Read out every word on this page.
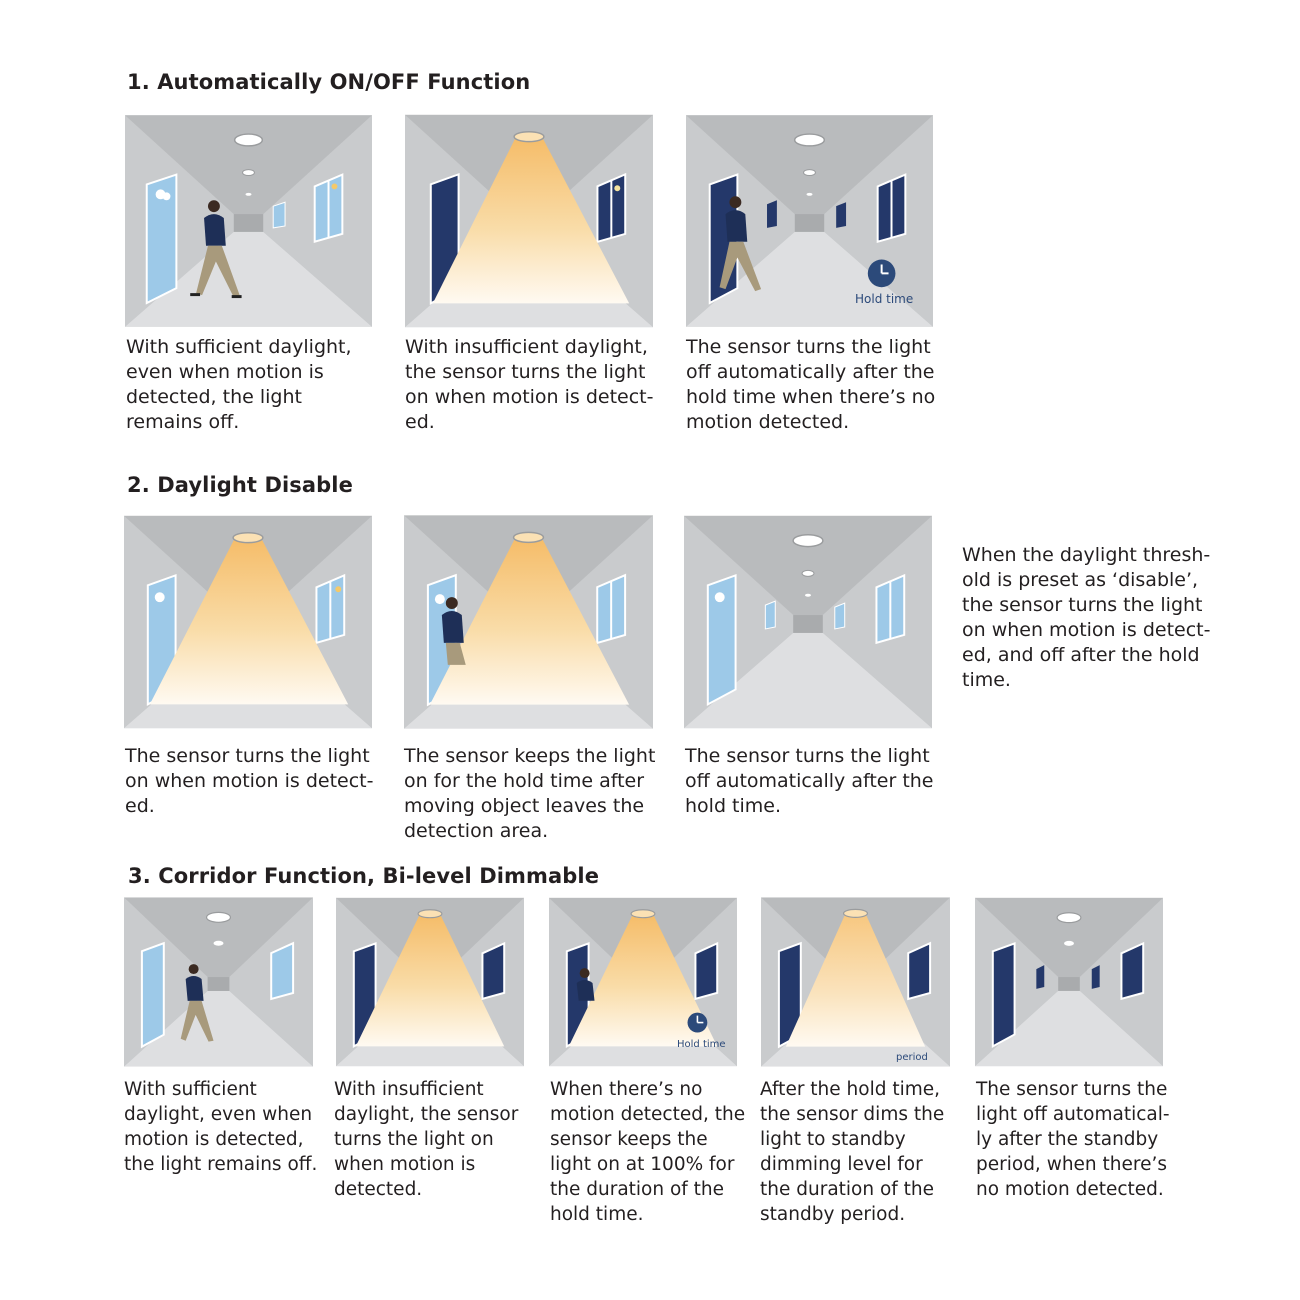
1. Automatically ON/OFF Function

With sufficient daylight,
even when motion is
detected, the light
remains off.

With insufficient daylight,
the sensor turns the light
on when motion is detect-
ed.

Hold time

The sensor turns the light
off automatically after the
hold time when there’s no
motion detected.

2. Daylight Disable

The sensor turns the light
on when motion is detect-
ed.

The sensor keeps the light
on for the hold time after
moving object leaves the
detection area.

The sensor turns the light
off automatically after the
hold time.

When the daylight thresh-
old is preset as ‘disable’,
the sensor turns the light
on when motion is detect-
ed, and off after the hold
time.

3. Corridor Function, Bi-level Dimmable

With sufficient
daylight, even when
motion is detected,
the light remains off.

With insufficient
daylight, the sensor
turns the light on
when motion is
detected.

Hold time

When there’s no
motion detected, the
sensor keeps the
light on at 100% for
the duration of the
hold time.

period

After the hold time,
the sensor dims the
light to standby
dimming level for
the duration of the
standby period.

The sensor turns the
light off automatical-
ly after the standby
period, when there’s
no motion detected.
